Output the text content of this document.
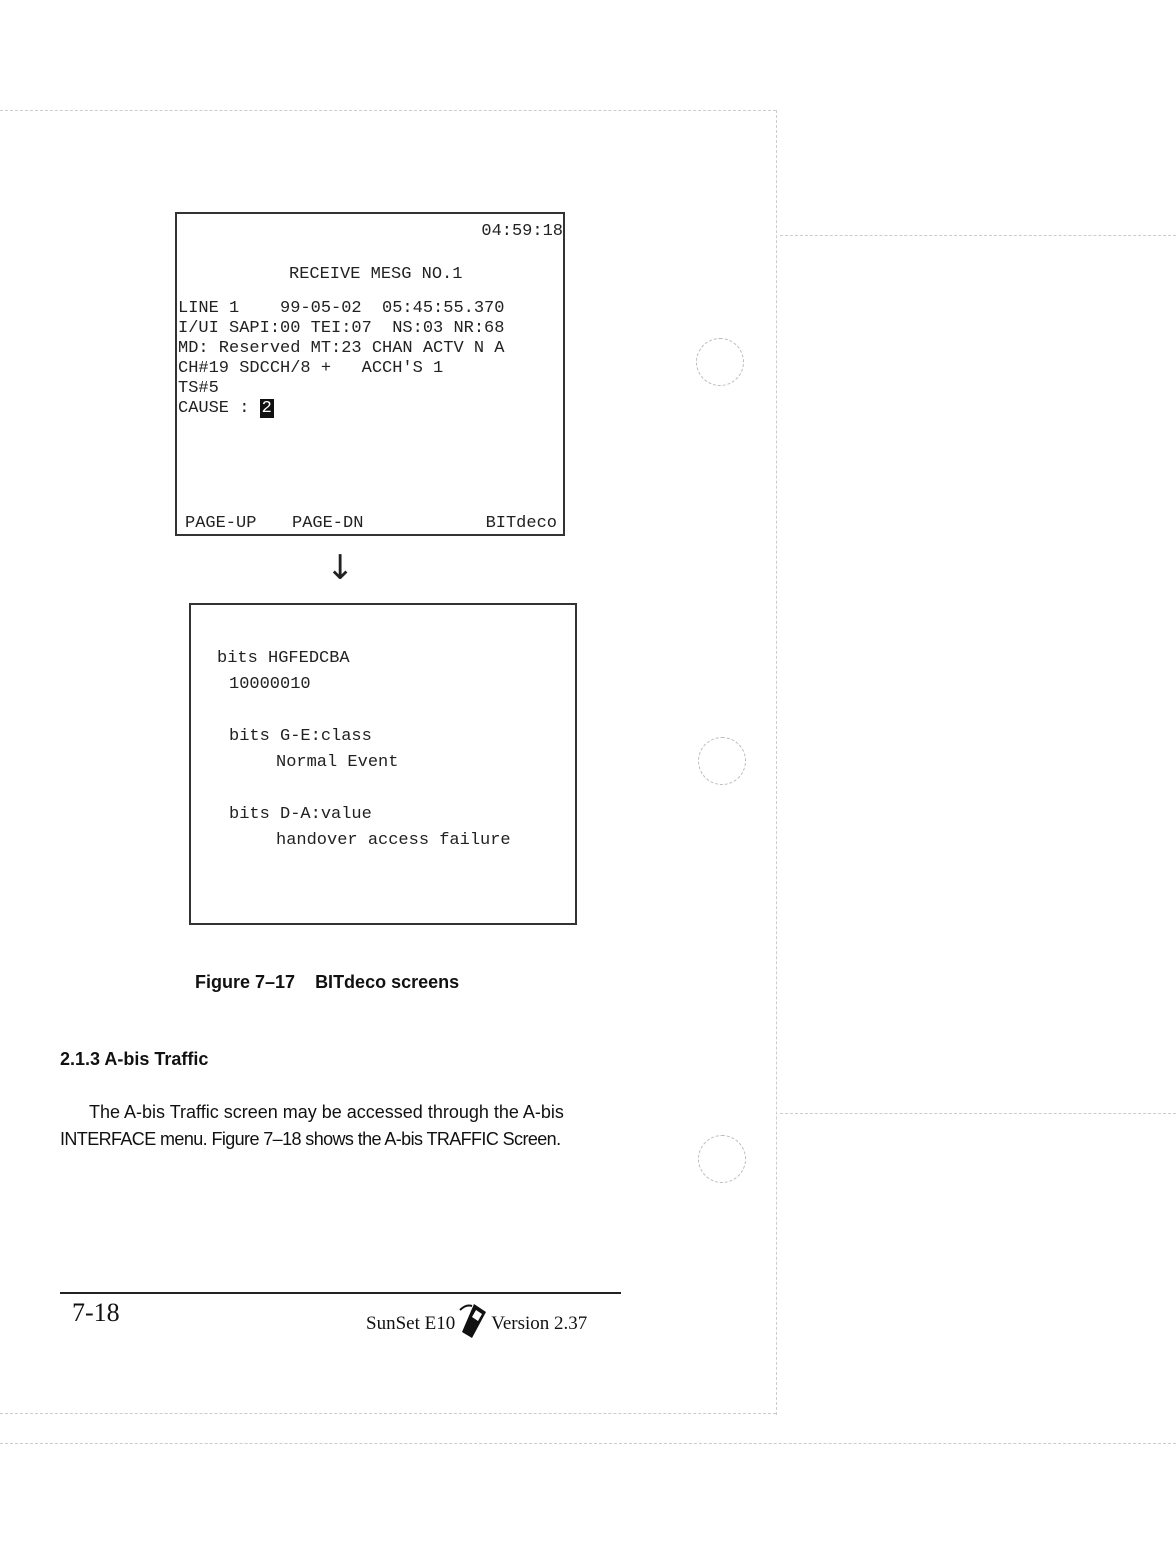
04:59:18
RECEIVE MESG NO.1
LINE 1    99-05-02  05:45:55.370
I/UI SAPI:00 TEI:07  NS:03 NR:68
MD: Reserved MT:23 CHAN ACTV N A
CH#19 SDCCH/8 +   ACCH'S 1
TS#5
CAUSE : 2
PAGE-UP PAGE-DN	BITdeco
↓
bits HGFEDCBA
10000010
bits G-E:class
Normal Event
bits D-A:value
handover access failure
Figure 7–17 BITdeco screens
2.1.3 A-bis Traffic
The A-bis Traffic screen may be accessed through the A-bis
INTERFACE menu. Figure 7–18 shows the A-bis TRAFFIC Screen.
7-18	SunSet E10 Version 2.37
